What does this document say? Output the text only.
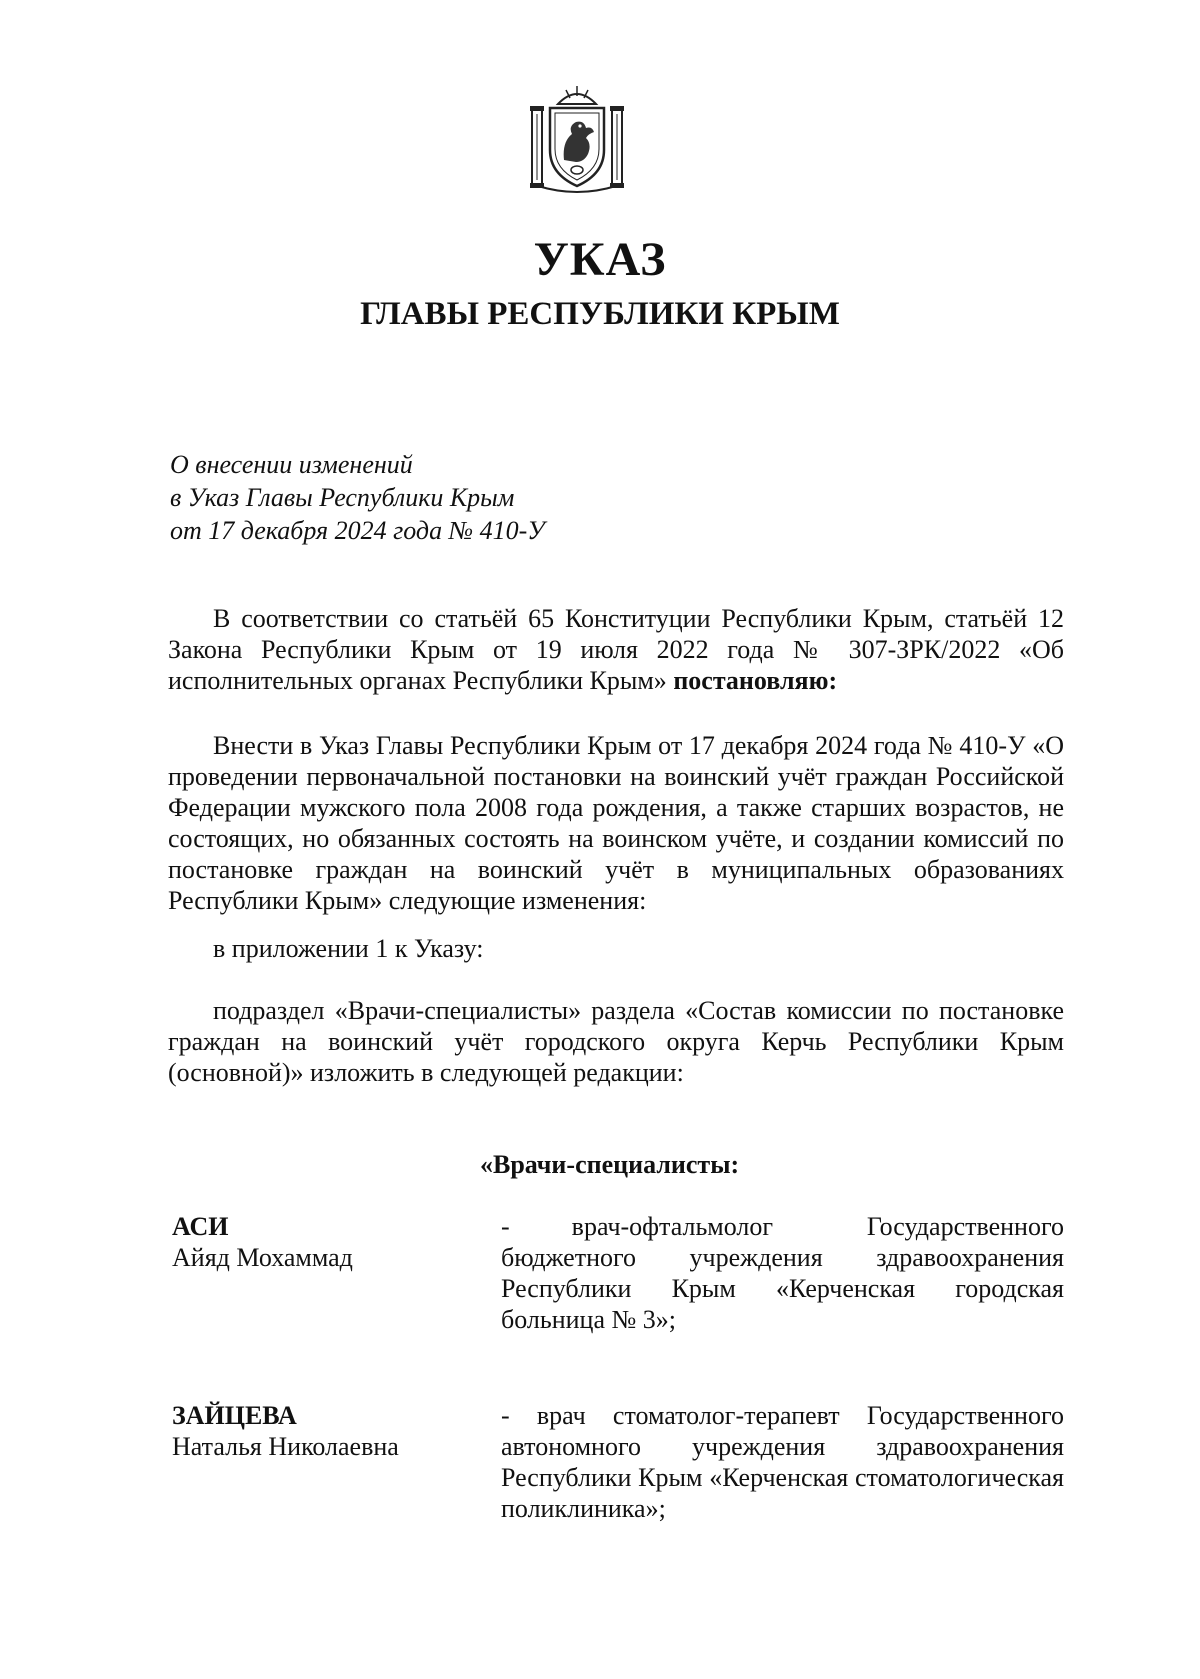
УКАЗ
ГЛАВЫ РЕСПУБЛИКИ КРЫМ
О внесении изменений
в Указ Главы Республики Крым
от 17 декабря 2024 года № 410-У
В соответствии со статьёй 65 Конституции Республики Крым, статьёй 12 Закона Республики Крым от 19 июля 2022 года № 307-ЗРК/2022 «Об исполнительных органах Республики Крым» постановляю:
Внести в Указ Главы Республики Крым от 17 декабря 2024 года № 410-У «О проведении первоначальной постановки на воинский учёт граждан Российской Федерации мужского пола 2008 года рождения, а также старших возрастов, не состоящих, но обязанных состоять на воинском учёте, и создании комиссий по постановке граждан на воинский учёт в муниципальных образованиях Республики Крым» следующие изменения:
в приложении 1 к Указу:
подраздел «Врачи-специалисты» раздела «Состав комиссии по постановке граждан на воинский учёт городского округа Керчь Республики Крым (основной)» изложить в следующей редакции:
«Врачи-специалисты:
АСИ
Айяд Мохаммад
- врач-офтальмолог Государственного бюджетного учреждения здравоохранения Республики Крым «Керченская городская больница № 3»;
ЗАЙЦЕВА
Наталья Николаевна
- врач стоматолог-терапевт Государственного автономного учреждения здравоохранения Республики Крым «Керченская стоматологическая поликлиника»;
